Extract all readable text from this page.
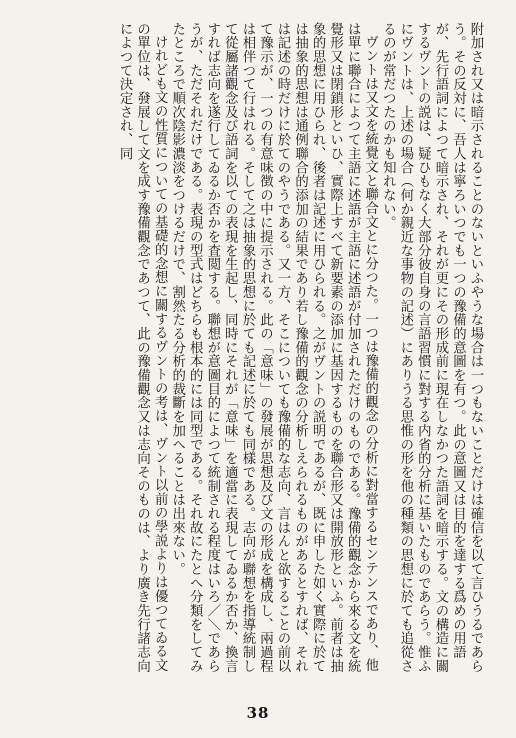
附加され又は暗示されることのないといふやうな場合は一つもないことだけは確信を以て言ひうるであらう。その反対に、吾人は寧ろいつでも一つの豫備的意圖を有つ。此の意圖又は目的を達する爲めの用語が、先行語詞によつて暗示され、それが更にその形成前に現在しなかつた語詞を暗示する。文の構造に關するヴントの説は、疑ひもなく大部分彼自身の言語習慣に對する内省的分析に基いたものであらう。惟ふにヴントは、上述の場合（何か親近な事物の記述）にありうる思惟の形を他の種類の思想に於ても追從さるのが常だつたのかも知れない。

ヴントは又文を統覺文と聯合文とに分つた。一つは豫備的觀念の分析に對當するセンテンスであり、他は單に聯合によつて主語に述語が主語に述語が付加されただけのものである。豫備的觀念から來る文を統覺形又は閉鎖形といひ、實際上すべて新要素の添加に基因するものを聯合形又は開放形といふ。前者は抽象的思想に用ひられ、後者は記述に用ひられる。之がヴントの説明であるが、既に申した如く實際に於ては抽象的思想は通例聯合的添加の結果であり若し豫備的觀念の分析しえられるものがあるとすれば、それは記述の時だけに於てのやうである。又一方、そこについても豫備的な志向、言はんと欲することの前以て豫示が、一つの有意味徴の中に提示される。此の「意味」の發展が思想及び文の形成を構成し、兩過程は相伴つて行はれる。そして之は抽象的思想に於ても記述に於ても同樣である。志向が聯想を指導統制して從屬諸觀念及び語詞を以ての表現を生起し、同時にそれが「意味」を適當に表現してゐるか否か、換言すれば志向を遂行してゐるか否かを査閲する。聯想が意圖目的によつて統制される程度はいろ／＼であらうが、ただそれだけである。表現の型式はどちらも根本的には同型である。それ故にたとへ分類をしてみたところで順次陰影濃淡をつけるだけで、割然たる分析的裁斷を加へることは出來ない。

けれども文の性質についての基礎的念想に關するヴントの考は、ヴント以前の學説よりは優つてゐる文の單位は、發展して文を成す豫備觀念であつて、此の豫備觀念又は志向そのものは、より廣き先行諸志向によつて決定され、同

38
